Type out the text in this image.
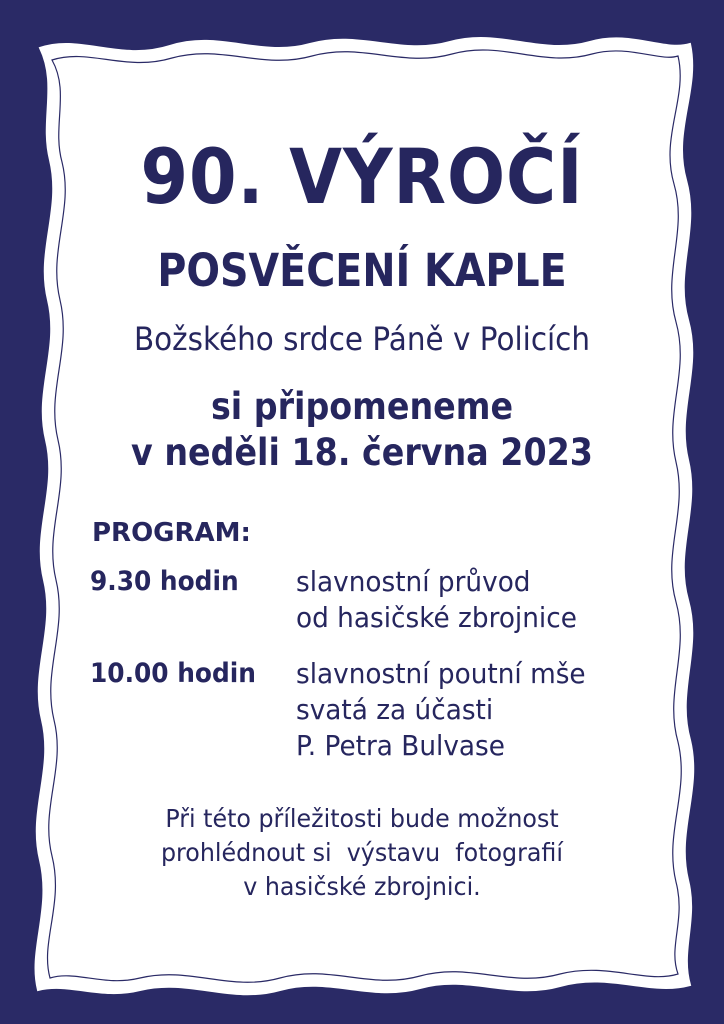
90. VÝROČÍ
POSVĚCENÍ KAPLE
Božského srdce Páně v Policích
si připomeneme
v neděli 18. června 2023
PROGRAM:
9.30 hodin slavnostní průvod
od hasičské zbrojnice
10.00 hodin slavnostní poutní mše
svatá za účasti
P. Petra Bulvase
Při této příležitosti bude možnost
prohlédnout si  výstavu  fotografií
v hasičské zbrojnici.
